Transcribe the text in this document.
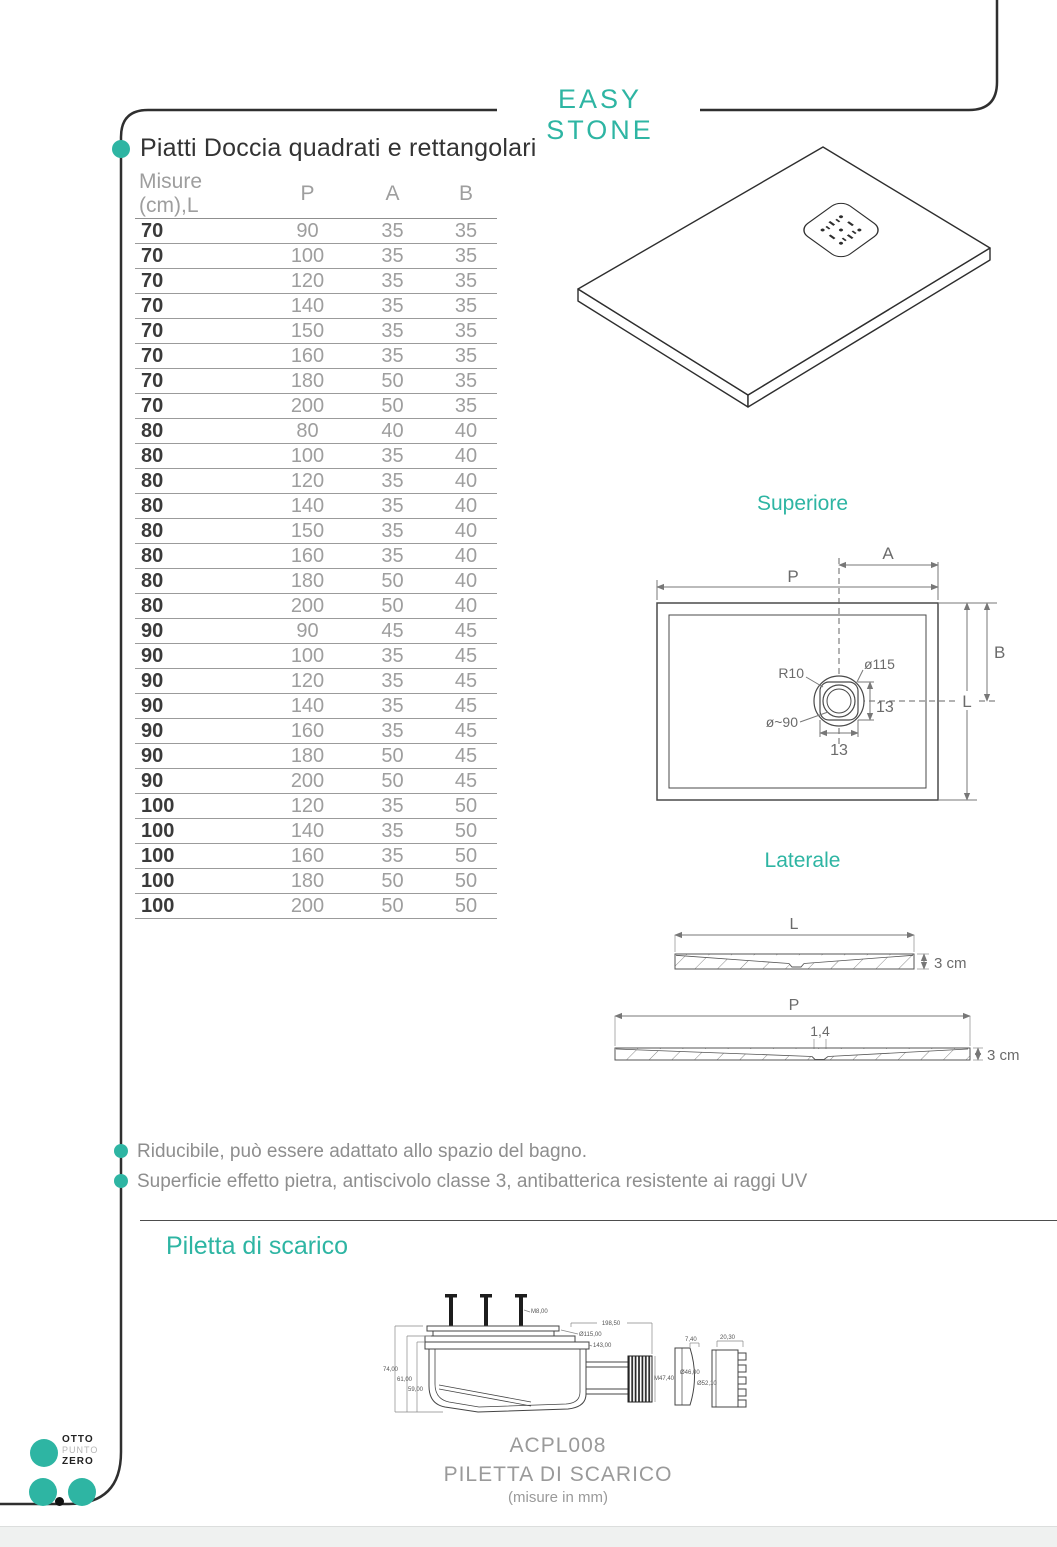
EASY STONE
Piatti Doccia quadrati e rettangolari
Misure (cm),L	P	A	B
70	90	35	35
70	100	35	35
70	120	35	35
70	140	35	35
70	150	35	35
70	160	35	35
70	180	50	35
70	200	50	35
80	80	40	40
80	100	35	40
80	120	35	40
80	140	35	40
80	150	35	40
80	160	35	40
80	180	50	40
80	200	50	40
90	90	45	45
90	100	35	45
90	120	35	45
90	140	35	45
90	160	35	45
90	180	50	45
90	200	50	45
100	120	35	50
100	140	35	50
100	160	35	50
100	180	50	50
100	200	50	50
Superiore
P
A
B
L
13
13
R10
ø115
ø~90
Laterale
L
3 cm
P
1,4
3 cm
Riducibile, può essere adattato allo spazio del bagno.
Superficie effetto pietra, antiscivolo classe 3, antibatterica resistente ai raggi UV
Piletta di scarico
M8,00
198,50
Ø115,00
143,00
74,00
61,00
59,00
M47,40
7,40
Ø46,00
Ø52,10
20,30
ACPL008
PILETTA DI SCARICO
(misure in mm)
OTTO
PUNTO
ZERO
